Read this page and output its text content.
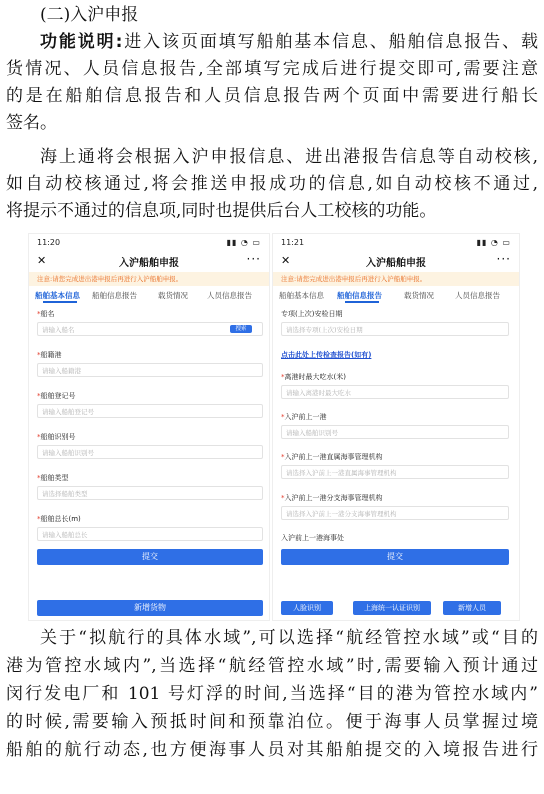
(二)入沪申报
功能说明:进入该页面填写船舶基本信息、船舶信息报告、载
货情况、人员信息报告,全部填写完成后进行提交即可,需要注意
的是在船舶信息报告和人员信息报告两个页面中需要进行船长
签名。
海上通将会根据入沪申报信息、进出港报告信息等自动校核,
如自动校核通过,将会推送申报成功的信息,如自动校核不通过,
将提示不通过的信息项,同时也提供后台人工校核的功能。
11:20	▮▮ ◔ ▭
✕	入沪船舶申报	···
注意:请您完成进出港申报后再进行入沪船舶申报。
船舶基本信息 船舶信息报告	载货情况	人员信息报告
*船名
请输入船名	搜索
*船籍港
请输入船籍港
*船舶登记号
请输入船舶登记号
*船舶识别号
请输入船舶识别号
*船舶类型
请选择船舶类型
*船舶总长(m)
请输入船舶总长
提交
新增货物
11:21	▮▮ ◔ ▭
✕	入沪船舶申报	···
注意:请您完成进出港申报后再进行入沪船舶申报。
船舶基本信息 船舶信息报告	载货情况	人员信息报告
专项(上次)安检日期
请选择专项(上次)安检日期
点击此处上传检查报告(如有)
*离港时最大吃水(米)
请输入离港时最大吃水
*入沪前上一港
请输入船舶识别号
*入沪前上一港直属海事管理机构
请选择入沪前上一港直属海事管理机构
*入沪前上一港分支海事管理机构
请选择入沪前上一港分支海事管理机构
入沪前上一港海事处
提交
人脸识别	上海统一认证识别	新增人员
关于“拟航行的具体水域”,可以选择“航经管控水域”或“目的
港为管控水域内”,当选择“航经管控水域”时,需要输入预计通过
闵行发电厂和 101 号灯浮的时间,当选择“目的港为管控水域内”
的时候,需要输入预抵时间和预靠泊位。便于海事人员掌握过境
船舶的航行动态,也方便海事人员对其船舶提交的入境报告进行
